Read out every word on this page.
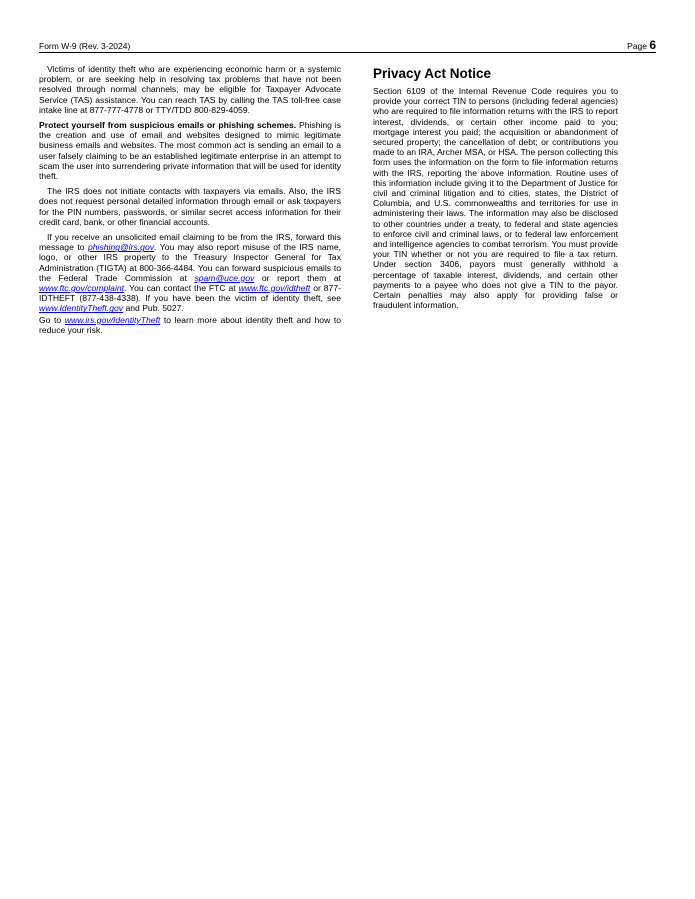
Form W-9 (Rev. 3-2024)	Page 6

Victims of identity theft who are experiencing economic harm or a systemic problem, or are seeking help in resolving tax problems that have not been resolved through normal channels, may be eligible for Taxpayer Advocate Service (TAS) assistance. You can reach TAS by calling the TAS toll-free case intake line at 877-777-4778 or TTY/TDD 800-829-4059.

Protect yourself from suspicious emails or phishing schemes. Phishing is the creation and use of email and websites designed to mimic legitimate business emails and websites. The most common act is sending an email to a user falsely claiming to be an established legitimate enterprise in an attempt to scam the user into surrendering private information that will be used for identity theft.

The IRS does not initiate contacts with taxpayers via emails. Also, the IRS does not request personal detailed information through email or ask taxpayers for the PIN numbers, passwords, or similar secret access information for their credit card, bank, or other financial accounts.

If you receive an unsolicited email claiming to be from the IRS, forward this message to phishing@irs.gov. You may also report misuse of the IRS name, logo, or other IRS property to the Treasury Inspector General for Tax Administration (TIGTA) at 800-366-4484. You can forward suspicious emails to the Federal Trade Commission at spam@uce.gov or report them at www.ftc.gov/complaint. You can contact the FTC at www.ftc.gov/idtheft or 877-IDTHEFT (877-438-4338). If you have been the victim of identity theft, see www.IdentityTheft.gov and Pub. 5027.

Go to www.irs.gov/IdentityTheft to learn more about identity theft and how to reduce your risk.

Privacy Act Notice

Section 6109 of the Internal Revenue Code requires you to provide your correct TIN to persons (including federal agencies) who are required to file information returns with the IRS to report interest, dividends, or certain other income paid to you; mortgage interest you paid; the acquisition or abandonment of secured property; the cancellation of debt; or contributions you made to an IRA, Archer MSA, or HSA. The person collecting this form uses the information on the form to file information returns with the IRS, reporting the above information. Routine uses of this information include giving it to the Department of Justice for civil and criminal litigation and to cities, states, the District of Columbia, and U.S. commonwealths and territories for use in administering their laws. The information may also be disclosed to other countries under a treaty, to federal and state agencies to enforce civil and criminal laws, or to federal law enforcement and intelligence agencies to combat terrorism. You must provide your TIN whether or not you are required to file a tax return. Under section 3406, payors must generally withhold a percentage of taxable interest, dividends, and certain other payments to a payee who does not give a TIN to the payor. Certain penalties may also apply for providing false or fraudulent information.
